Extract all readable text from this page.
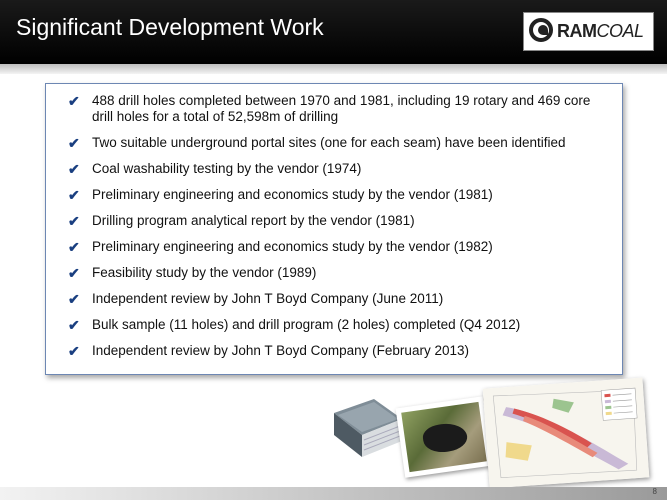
Significant Development Work	RAMCOAL
✔ 488 drill holes completed between 1970 and 1981, including 19 rotary and 469 core drill holes for a total of 52,598m of drilling
✔ Two suitable underground portal sites (one for each seam) have been identified
✔ Coal washability testing by the vendor (1974)
✔ Preliminary engineering and economics study by the vendor (1981)
✔ Drilling program analytical report by the vendor (1981)
✔ Preliminary engineering and economics study by the vendor (1982)
✔ Feasibility study by the vendor (1989)
✔ Independent review by John T Boyd Company (June 2011)
✔ Bulk sample (11 holes) and drill program (2 holes) completed (Q4 2012)
✔ Independent review by John T Boyd Company (February 2013)
8
